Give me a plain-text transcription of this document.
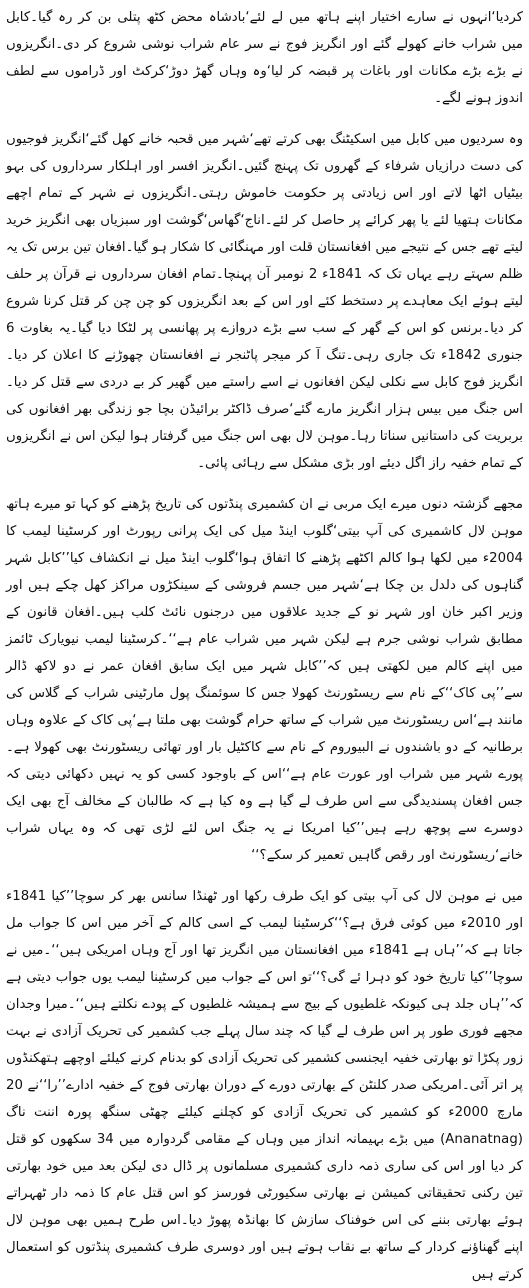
کردیا‘انہوں نے سارے اختیار اپنے ہاتھ میں لے لئے‘بادشاہ محض کٹھ پتلی بن کر رہ گیا۔کابل میں شراب خانے کھولے گئے اور انگریز فوج نے سر عام شراب نوشی شروع کر دی۔انگریزوں نے بڑے بڑے مکانات اور باغات پر قبضہ کر لیا‘وہ وہاں گھڑ دوڑ‘کرکٹ اور ڈراموں سے لطف اندوز ہونے لگے۔

وہ سردیوں میں کابل میں اسکیٹنگ بھی کرتے تھے‘شہر میں قحبہ خانے کھل گئے‘انگریز فوجیوں کی دست درازیاں شرفاء کے گھروں تک پہنچ گئیں۔انگریز افسر اور اہلکار سرداروں کی بہو بیٹیاں اٹھا لاتے اور اس زیادتی پر حکومت خاموش رہتی۔انگریزوں نے شہر کے تمام اچھے مکانات ہتھیا لئے یا پھر کرائے پر حاصل کر لئے۔اناج‘گھاس‘گوشت اور سبزیاں بھی انگریز خرید لیتے تھے جس کے نتیجے میں افغانستان قلت اور مہنگائی کا شکار ہو گیا۔افغان تین برس تک یہ ظلم سہتے رہے یہاں تک کہ 1841ء 2 نومبر آن پہنچا۔تمام افغان سرداروں نے قرآن پر حلف لیتے ہوئے ایک معاہدے پر دستخط کئے اور اس کے بعد انگریزوں کو چن چن کر قتل کرنا شروع کر دیا۔برنس کو اس کے گھر کے سب سے بڑے دروازے پر پھانسی پر لٹکا دیا گیا۔یہ بغاوت 6 جنوری 1842ء تک جاری رہی۔تنگ آ کر میجر پاٹنجر نے افغانستان چھوڑنے کا اعلان کر دیا۔انگریز فوج کابل سے نکلی لیکن افغانوں نے اسے راستے میں گھیر کر بے دردی سے قتل کر دیا۔اس جنگ میں بیس ہزار انگریز مارے گئے‘صرف ڈاکٹر برائیڈن بچا جو زندگی بھر افغانوں کی بربریت کی داستانیں سناتا رہا۔موہن لال بھی اس جنگ میں گرفتار ہوا لیکن اس نے انگریزوں کے تمام خفیہ راز اگل دیئے اور بڑی مشکل سے رہائی پائی۔

مجھے گزشتہ دنوں میرے ایک مربی نے ان کشمیری پنڈتوں کی تاریخ پڑھنے کو کہا تو میرے ہاتھ موہن لال کاشمیری کی آپ بیتی‘گلوب اینڈ میل کی ایک پرانی رپورٹ اور کرسٹینا لیمب کا 2004ء میں لکھا ہوا کالم اکٹھے پڑھنے کا اتفاق ہوا‘گلوب اینڈ میل نے انکشاف کیا’’کابل شہر گناہوں کی دلدل بن چکا ہے‘شہر میں جسم فروشی کے سینکڑوں مراکز کھل چکے ہیں اور وزیر اکبر خان اور شہر نو کے جدید علاقوں میں درجنوں نائٹ کلب ہیں۔افغان قانون کے مطابق شراب نوشی جرم ہے لیکن شہر میں شراب عام ہے‘‘۔کرسٹینا لیمب نیویارک ٹائمز میں اپنے کالم میں لکھتی ہیں کہ’’کابل شہر میں ایک سابق افغان عمر نے دو لاکھ ڈالر سے’’پی کاک‘‘کے نام سے ریسٹورنٹ کھولا جس کا سوئمنگ پول مارٹینی شراب کے گلاس کی مانند ہے‘اس ریسٹورنٹ میں شراب کے ساتھ حرام گوشت بھی ملتا ہے‘پی کاک کے علاوہ وہاں برطانیہ کے دو باشندوں نے البیوروم کے نام سے کاکٹیل بار اور تھائی ریسٹورنٹ بھی کھولا ہے۔پورے شہر میں شراب اور عورت عام ہے‘‘اس کے باوجود کسی کو یہ نہیں دکھائی دیتی کہ جس افغان پسندیدگی سے اس طرف لے گیا ہے وہ کیا ہے کہ طالبان کے مخالف آج بھی ایک دوسرے سے پوچھ رہے ہیں’’کیا امریکا نے یہ جنگ اس لئے لڑی تھی کہ وہ یہاں شراب خانے‘ریسٹورنٹ اور رقص گاہیں تعمیر کر سکے؟‘‘

میں نے موہن لال کی آپ بیتی کو ایک طرف رکھا اور ٹھنڈا سانس بھر کر سوچا’’کیا 1841ء اور 2010ء میں کوئی فرق ہے؟‘‘کرسٹینا لیمب کے اسی کالم کے آخر میں اس کا جواب مل جاتا ہے کہ’’ہاں ہے 1841ء میں افغانستان میں انگریز تھا اور آج وہاں امریکی ہیں‘‘۔میں نے سوچا’’کیا تاریخ خود کو دہرا ئے گی؟‘‘تو اس کے جواب میں کرسٹینا لیمب یوں جواب دیتی ہے کہ’’ہاں جلد ہی کیونکہ غلطیوں کے بیج سے ہمیشہ غلطیوں کے پودے نکلتے ہیں‘‘۔میرا وجدان مجھے فوری طور پر اس طرف لے گیا کہ چند سال پہلے جب کشمیر کی تحریک آزادی نے بہت زور پکڑا تو بھارتی خفیہ ایجنسی کشمیر کی تحریک آزادی کو بدنام کرنے کیلئے اوچھے ہتھکنڈوں پر اتر آئی۔امریکی صدر کلنٹن کے بھارتی دورے کے دوران بھارتی فوج کے خفیہ ادارے’’را‘‘نے 20 مارچ 2000ء کو کشمیر کی تحریک آزادی کو کچلنے کیلئے چھٹی سنگھ پورہ اننت ناگ (Ananatnag) میں بڑے بہیمانہ انداز میں وہاں کے مقامی گردوارہ میں 34 سکھوں کو قتل کر دیا اور اس کی ساری ذمہ داری کشمیری مسلمانوں پر ڈال دی لیکن بعد میں خود بھارتی تین رکنی تحقیقاتی کمیشن نے بھارتی سکیورٹی فورسز کو اس قتل عام کا ذمہ دار ٹھہراتے ہوئے بھارتی بننے کی اس خوفناک سازش کا بھانڈہ پھوڑ دیا۔اس طرح ہمیں بھی موہن لال اپنے گھناؤنے کردار کے ساتھ بے نقاب ہوتے ہیں اور دوسری طرف کشمیری پنڈتوں کو استعمال کرتے ہیں
